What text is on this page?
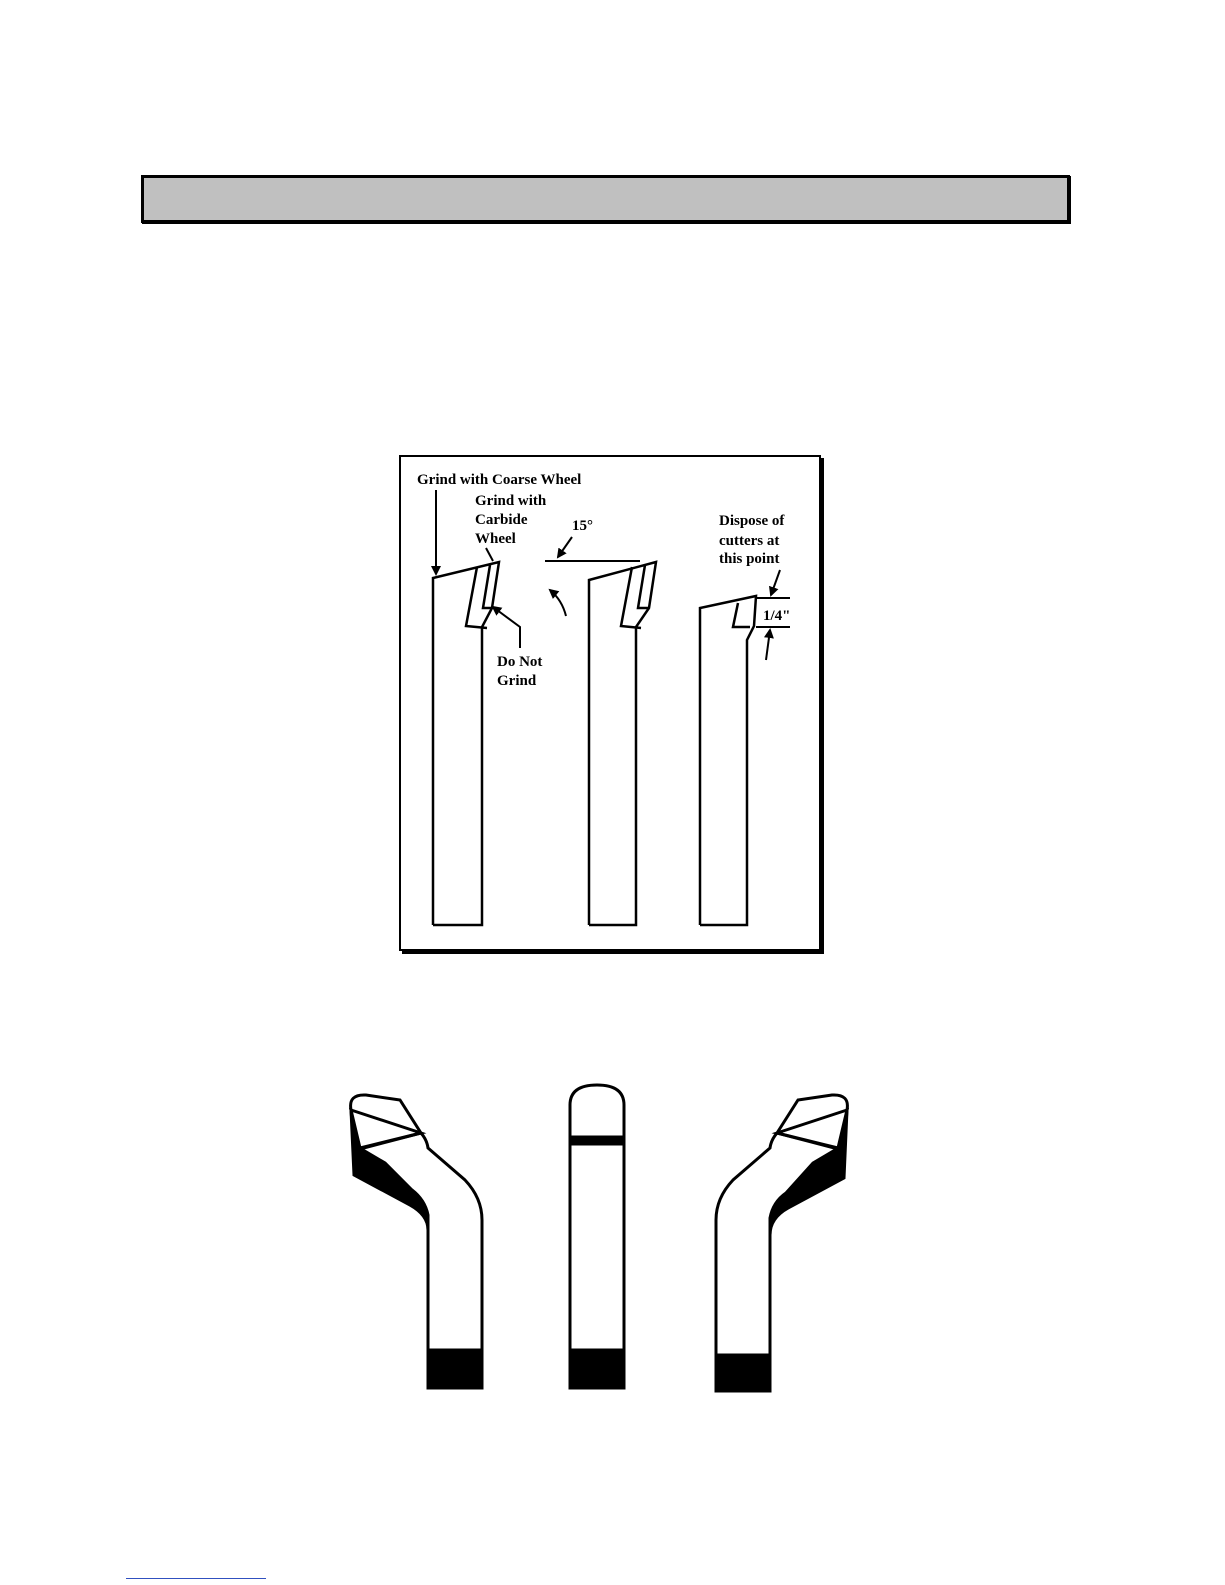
Grind with Coarse Wheel
Grind with
Carbide
Wheel
15°
Do Not
Grind
Dispose of
cutters at
this point
1/4"
